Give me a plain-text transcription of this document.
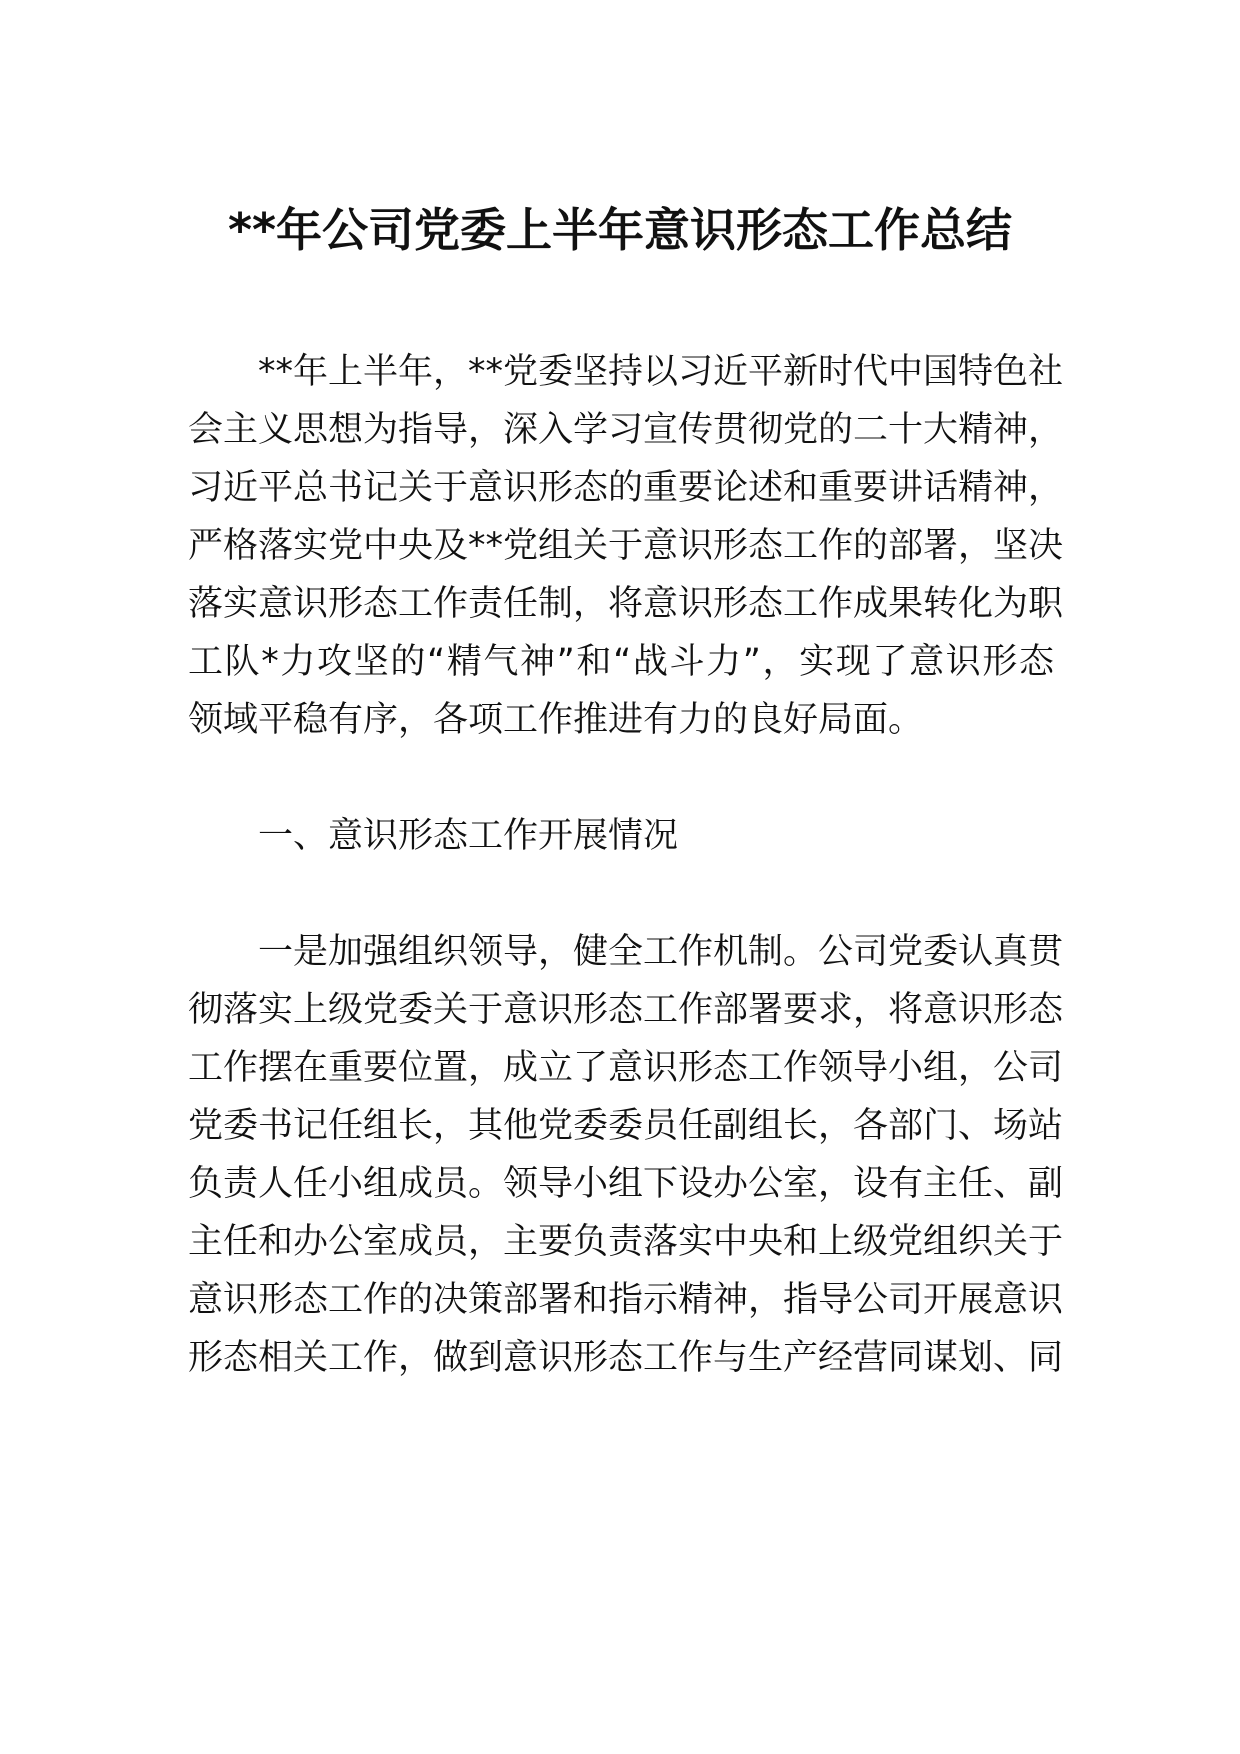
**年公司党委上半年意识形态工作总结
**年上半年，**党委坚持以习近平新时代中国特色社
会主义思想为指导，深入学习宣传贯彻党的二十大精神，
习近平总书记关于意识形态的重要论述和重要讲话精神，
严格落实党中央及**党组关于意识形态工作的部署，坚决
落实意识形态工作责任制，将意识形态工作成果转化为职
工队*力攻坚的“精气神”和“战斗力”，实现了意识形态
领域平稳有序，各项工作推进有力的良好局面。
一、意识形态工作开展情况
一是加强组织领导，健全工作机制。公司党委认真贯
彻落实上级党委关于意识形态工作部署要求，将意识形态
工作摆在重要位置，成立了意识形态工作领导小组，公司
党委书记任组长，其他党委委员任副组长，各部门、场站
负责人任小组成员。领导小组下设办公室，设有主任、副
主任和办公室成员，主要负责落实中央和上级党组织关于
意识形态工作的决策部署和指示精神，指导公司开展意识
形态相关工作，做到意识形态工作与生产经营同谋划、同
